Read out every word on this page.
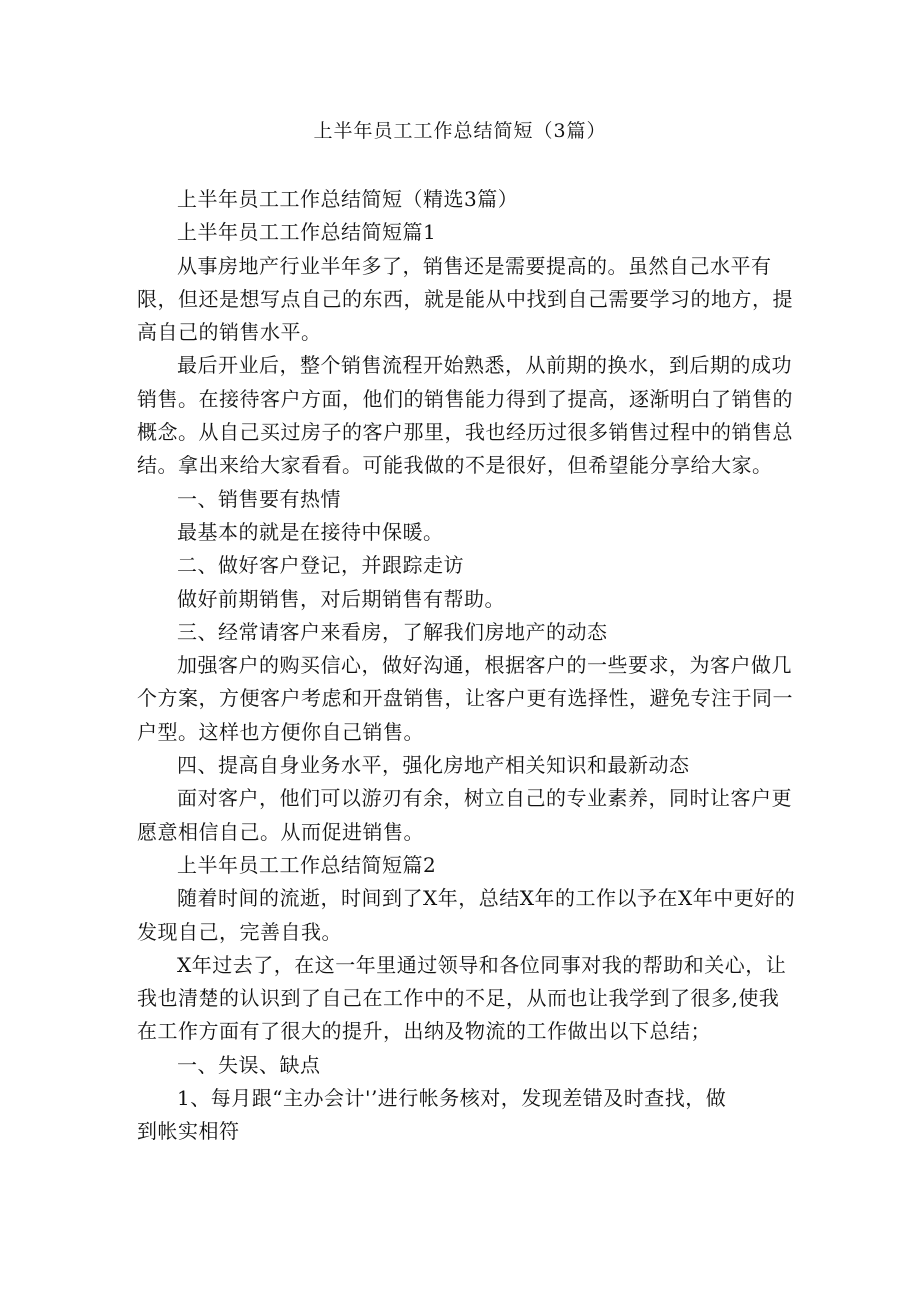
上半年员工工作总结简短（3篇）

上半年员工工作总结简短（精选3篇）

上半年员工工作总结简短篇1

从事房地产行业半年多了，销售还是需要提高的。虽然自己水平有限，但还是想写点自己的东西，就是能从中找到自己需要学习的地方，提高自己的销售水平。

最后开业后，整个销售流程开始熟悉，从前期的换水，到后期的成功销售。在接待客户方面，他们的销售能力得到了提高，逐渐明白了销售的概念。从自己买过房子的客户那里，我也经历过很多销售过程中的销售总结。拿出来给大家看看。可能我做的不是很好，但希望能分享给大家。

一、销售要有热情

最基本的就是在接待中保暖。

二、做好客户登记，并跟踪走访

做好前期销售，对后期销售有帮助。

三、经常请客户来看房，了解我们房地产的动态

加强客户的购买信心，做好沟通，根据客户的一些要求，为客户做几个方案，方便客户考虑和开盘销售，让客户更有选择性，避免专注于同一户型。这样也方便你自己销售。

四、提高自身业务水平，强化房地产相关知识和最新动态

面对客户，他们可以游刃有余，树立自己的专业素养，同时让客户更愿意相信自己。从而促进销售。

上半年员工工作总结简短篇2

随着时间的流逝，时间到了X年，总结X年的工作以予在X年中更好的发现自己，完善自我。

X年过去了，在这一年里通过领导和各位同事对我的帮助和关心，让我也清楚的认识到了自己在工作中的不足，从而也让我学到了很多,使我在工作方面有了很大的提升，出纳及物流的工作做出以下总结；

一、失误、缺点

1、每月跟“主办会计'’进行帐务核对，发现差错及时查找，做

到帐实相符
